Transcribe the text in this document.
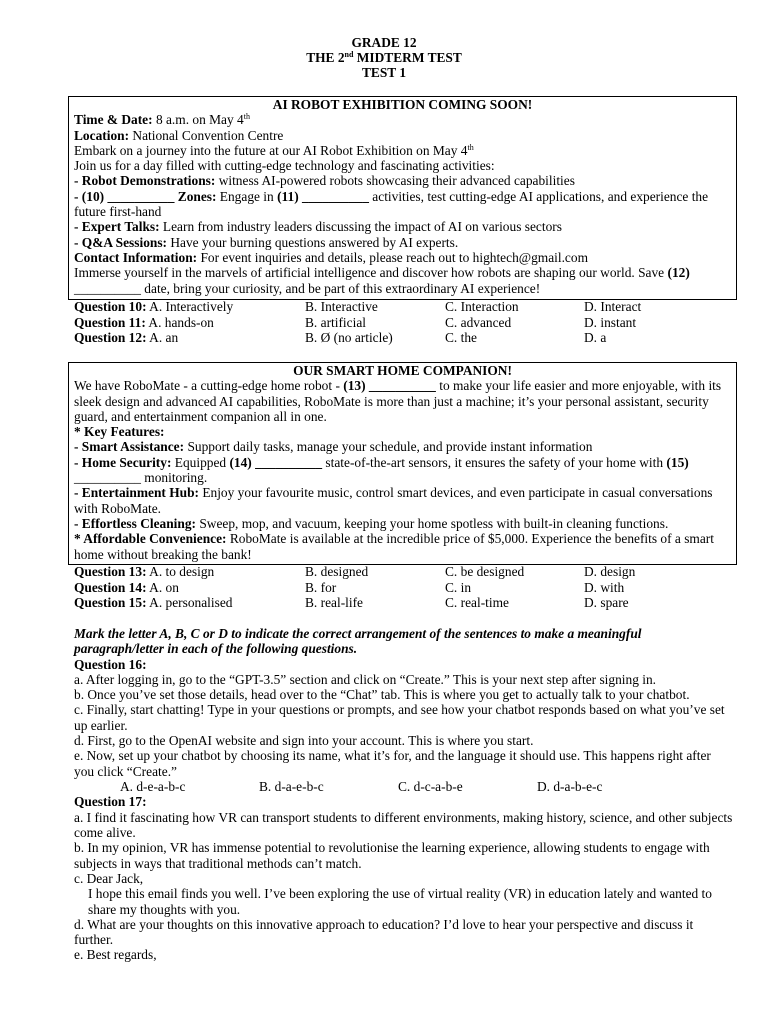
GRADE 12
THE 2nd MIDTERM TEST
TEST 1
AI ROBOT EXHIBITION COMING SOON!

Time & Date: 8 a.m. on May 4th

Location: National Convention Centre

Embark on a journey into the future at our AI Robot Exhibition on May 4th

Join us for a day filled with cutting-edge technology and fascinating activities:

- Robot Demonstrations: witness AI-powered robots showcasing their advanced capabilities

- (10) __________ Zones: Engage in (11) __________ activities, test cutting-edge AI applications, and experience the future first-hand

- Expert Talks: Learn from industry leaders discussing the impact of AI on various sectors

- Q&A Sessions: Have your burning questions answered by AI experts.

Contact Information: For event inquiries and details, please reach out to hightech@gmail.com

Immerse yourself in the marvels of artificial intelligence and discover how robots are shaping our world. Save (12)
__________ date, bring your curiosity, and be part of this extraordinary AI experience!

Question 10: A. Interactively	B. Interactive	C. Interaction	D. Interact
Question 11: A. hands-on	B. artificial	C. advanced	D. instant
Question 12: A. an	B. Ø (no article)	C. the	D. a
OUR SMART HOME COMPANION!

We have RoboMate - a cutting-edge home robot - (13) __________ to make your life easier and more enjoyable, with its sleek design and advanced AI capabilities, RoboMate is more than just a machine; it’s your personal assistant, security guard, and entertainment companion all in one.

* Key Features:

- Smart Assistance: Support daily tasks, manage your schedule, and provide instant information

- Home Security: Equipped (14) __________ state-of-the-art sensors, it ensures the safety of your home with (15)
__________ monitoring.

- Entertainment Hub: Enjoy your favourite music, control smart devices, and even participate in casual conversations with RoboMate.

- Effortless Cleaning: Sweep, mop, and vacuum, keeping your home spotless with built-in cleaning functions.

* Affordable Convenience: RoboMate is available at the incredible price of $5,000. Experience the benefits of a smart home without breaking the bank!

Question 13: A. to design	B. designed	C. be designed	D. design
Question 14: A. on	B. for	C. in	D. with
Question 15: A. personalised	B. real-life	C. real-time	D. spare

Mark the letter A, B, C or D to indicate the correct arrangement of the sentences to make a meaningful paragraph/letter in each of the following questions.

Question 16:

a. After logging in, go to the “GPT-3.5” section and click on “Create.” This is your next step after signing in.

b. Once you’ve set those details, head over to the “Chat” tab. This is where you get to actually talk to your chatbot.

c. Finally, start chatting! Type in your questions or prompts, and see how your chatbot responds based on what you’ve set up earlier.

d. First, go to the OpenAI website and sign into your account. This is where you start.

e. Now, set up your chatbot by choosing its name, what it’s for, and the language it should use. This happens right after you click “Create.”

A. d-e-a-b-c	B. d-a-e-b-c	C. d-c-a-b-e	D. d-a-b-e-c

Question 17:

a. I find it fascinating how VR can transport students to different environments, making history, science, and other subjects come alive.

b. In my opinion, VR has immense potential to revolutionise the learning experience, allowing students to engage with subjects in ways that traditional methods can’t match.

c. Dear Jack,

I hope this email finds you well. I’ve been exploring the use of virtual reality (VR) in education lately and wanted to share my thoughts with you.

d. What are your thoughts on this innovative approach to education? I’d love to hear your perspective and discuss it further.

e. Best regards,
